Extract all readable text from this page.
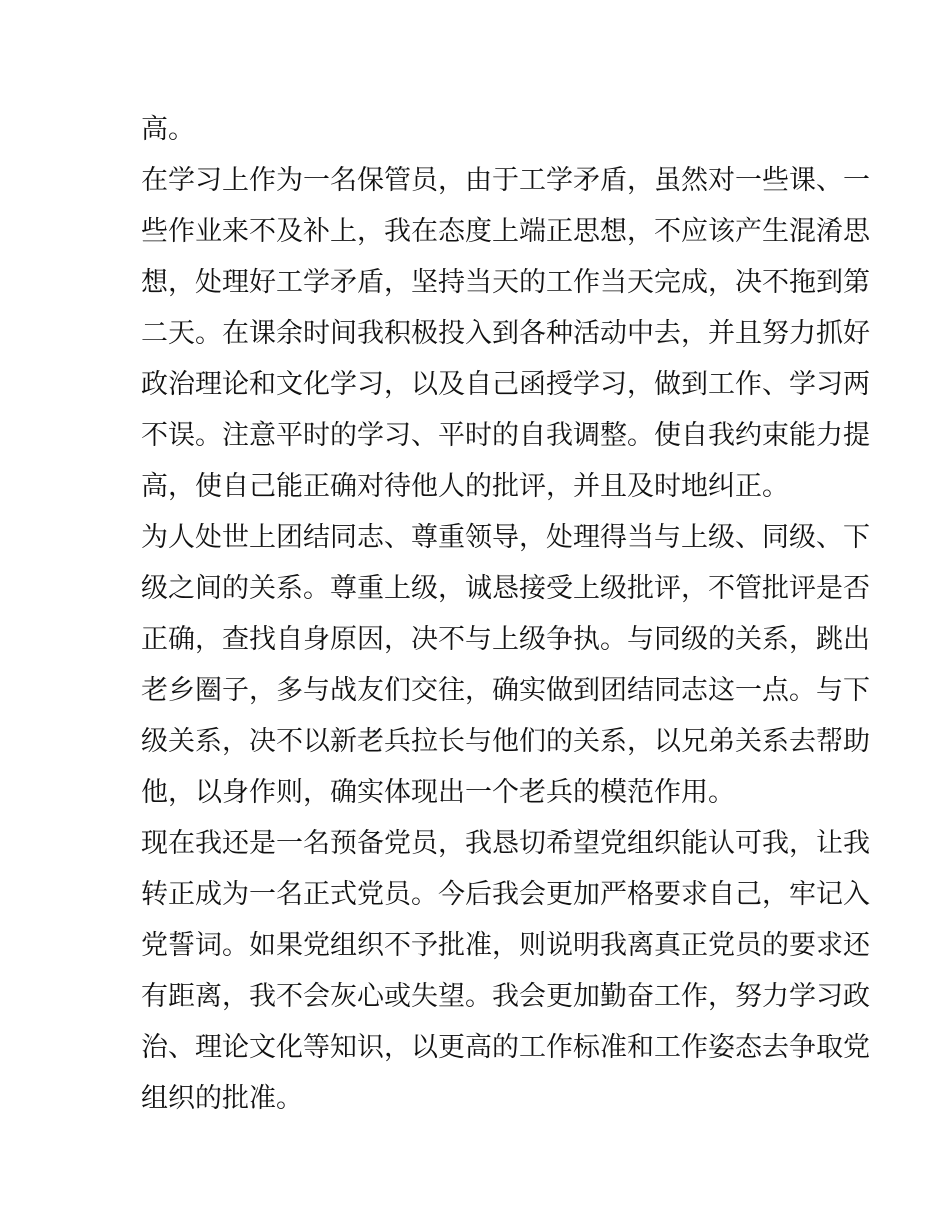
高。
在学习上作为一名保管员，由于工学矛盾，虽然对一些课、一
些作业来不及补上，我在态度上端正思想，不应该产生混淆思
想，处理好工学矛盾，坚持当天的工作当天完成，决不拖到第
二天。在课余时间我积极投入到各种活动中去，并且努力抓好
政治理论和文化学习，以及自己函授学习，做到工作、学习两
不误。注意平时的学习、平时的自我调整。使自我约束能力提
高，使自己能正确对待他人的批评，并且及时地纠正。
为人处世上团结同志、尊重领导，处理得当与上级、同级、下
级之间的关系。尊重上级，诚恳接受上级批评，不管批评是否
正确，查找自身原因，决不与上级争执。与同级的关系，跳出
老乡圈子，多与战友们交往，确实做到团结同志这一点。与下
级关系，决不以新老兵拉长与他们的关系，以兄弟关系去帮助
他，以身作则，确实体现出一个老兵的模范作用。
现在我还是一名预备党员，我恳切希望党组织能认可我，让我
转正成为一名正式党员。今后我会更加严格要求自己，牢记入
党誓词。如果党组织不予批准，则说明我离真正党员的要求还
有距离，我不会灰心或失望。我会更加勤奋工作，努力学习政
治、理论文化等知识，以更高的工作标准和工作姿态去争取党
组织的批准。
